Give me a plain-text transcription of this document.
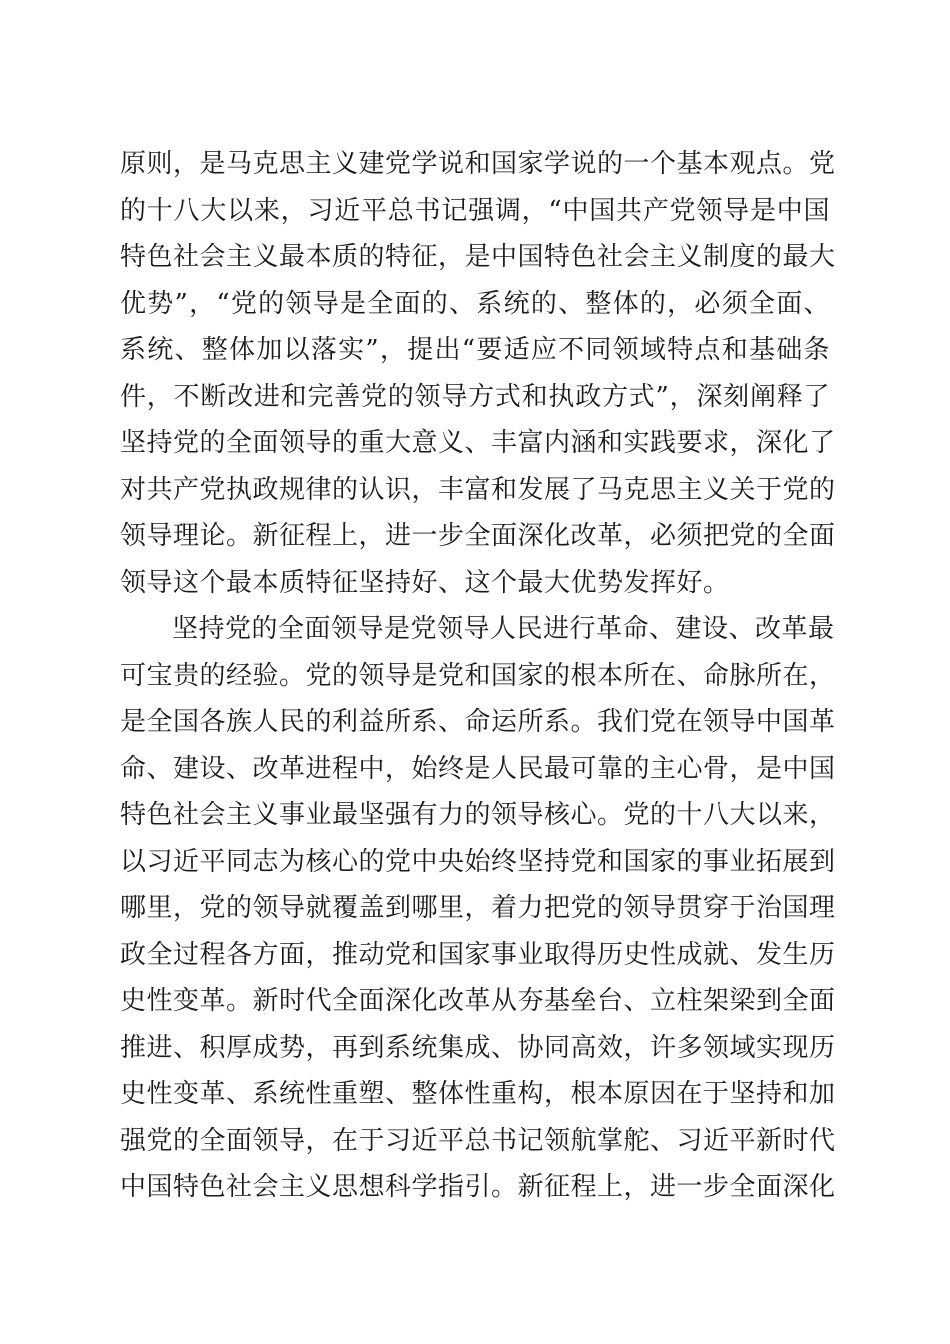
原则，是马克思主义建党学说和国家学说的一个基本观点。党
的十八大以来，习近平总书记强调，“中国共产党领导是中国
特色社会主义最本质的特征，是中国特色社会主义制度的最大
优势”，“党的领导是全面的、系统的、整体的，必须全面、
系统、整体加以落实”，提出“要适应不同领域特点和基础条
件，不断改进和完善党的领导方式和执政方式”，深刻阐释了
坚持党的全面领导的重大意义、丰富内涵和实践要求，深化了
对共产党执政规律的认识，丰富和发展了马克思主义关于党的
领导理论。新征程上，进一步全面深化改革，必须把党的全面
领导这个最本质特征坚持好、这个最大优势发挥好。
坚持党的全面领导是党领导人民进行革命、建设、改革最
可宝贵的经验。党的领导是党和国家的根本所在、命脉所在，
是全国各族人民的利益所系、命运所系。我们党在领导中国革
命、建设、改革进程中，始终是人民最可靠的主心骨，是中国
特色社会主义事业最坚强有力的领导核心。党的十八大以来，
以习近平同志为核心的党中央始终坚持党和国家的事业拓展到
哪里，党的领导就覆盖到哪里，着力把党的领导贯穿于治国理
政全过程各方面，推动党和国家事业取得历史性成就、发生历
史性变革。新时代全面深化改革从夯基垒台、立柱架梁到全面
推进、积厚成势，再到系统集成、协同高效，许多领域实现历
史性变革、系统性重塑、整体性重构，根本原因在于坚持和加
强党的全面领导，在于习近平总书记领航掌舵、习近平新时代
中国特色社会主义思想科学指引。新征程上，进一步全面深化
